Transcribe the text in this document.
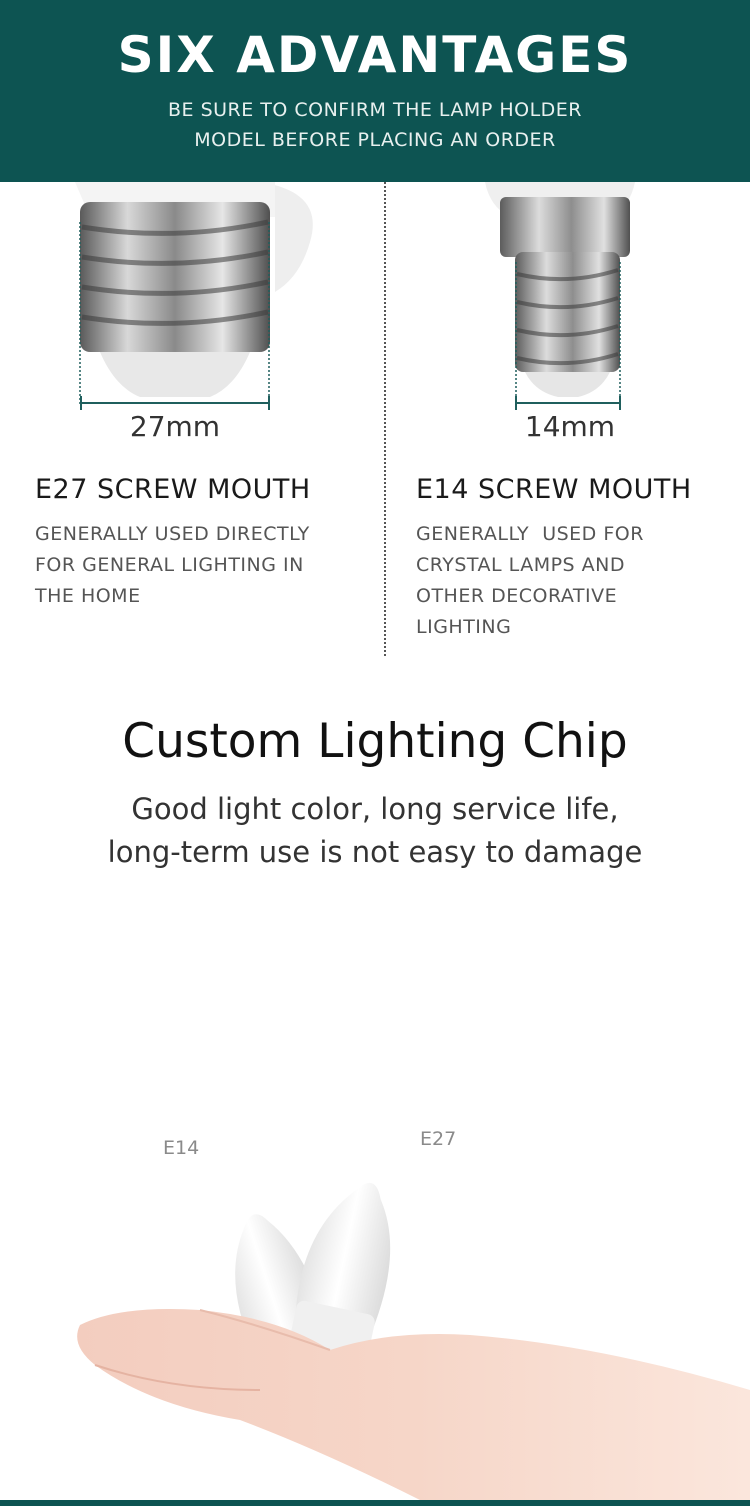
SIX ADVANTAGES
BE SURE TO CONFIRM THE LAMP HOLDER
MODEL BEFORE PLACING AN ORDER
27mm	14mm
E27 SCREW MOUTH
GENERALLY USED DIRECTLY
FOR GENERAL LIGHTING IN
THE HOME
E14 SCREW MOUTH
GENERALLY  USED FOR
CRYSTAL LAMPS AND
OTHER DECORATIVE
LIGHTING
Custom Lighting Chip
Good light color, long service life,
long-term use is not easy to damage
E14	E27
